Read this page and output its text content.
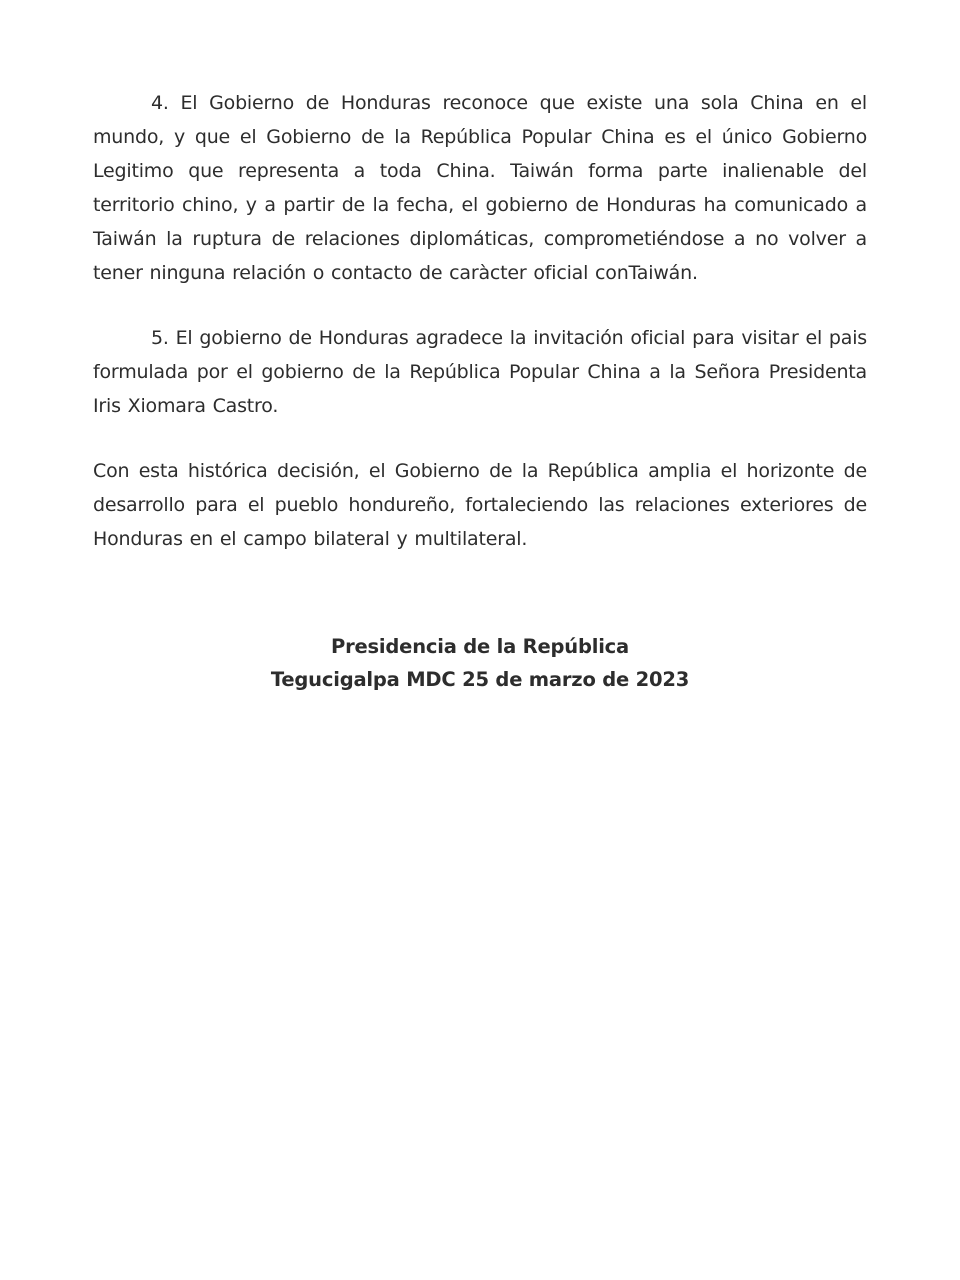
4. El Gobierno de Honduras reconoce que existe una sola China en el mundo, y que el Gobierno de la República Popular China es el único Gobierno Legitimo que representa a toda China. Taiwán forma parte inalienable del territorio chino, y a partir de la fecha, el gobierno de Honduras ha comunicado a Taiwán la ruptura de relaciones diplomáticas, comprometiéndose a no volver a tener ninguna relación o contacto de caràcter oficial conTaiwán.

5. El gobierno de Honduras agradece la invitación oficial para visitar el pais formulada por el gobierno de la República Popular China a la Señora Presidenta Iris Xiomara Castro.

Con esta histórica decisión, el Gobierno de la República amplia el horizonte de desarrollo para el pueblo hondureño, fortaleciendo las relaciones exteriores de Honduras en el campo bilateral y multilateral.

Presidencia de la República
Tegucigalpa MDC 25 de marzo de 2023
